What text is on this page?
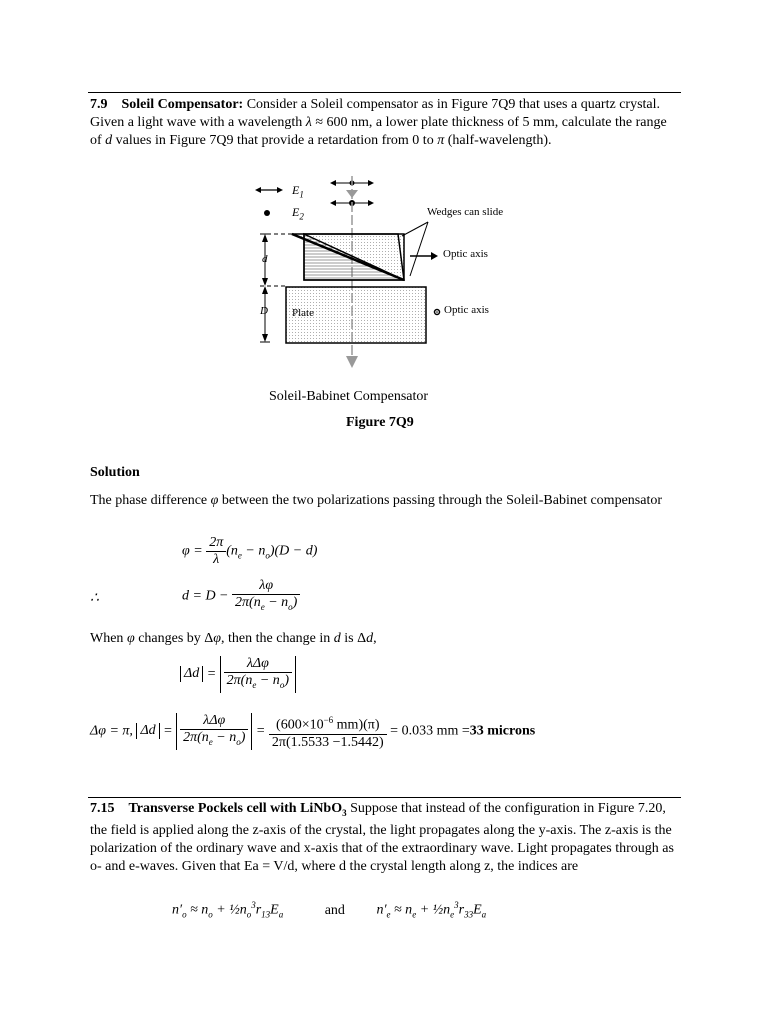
7.9 Soleil Compensator: Consider a Soleil compensator as in Figure 7Q9 that uses a quartz crystal. Given a light wave with a wavelength λ ≈ 600 nm, a lower plate thickness of 5 mm, calculate the range of d values in Figure 7Q9 that provide a retardation from 0 to π (half-wavelength).
$E_1$
$E_2$	Wedges can slide
Optic axis
Optic axis
d
D Plate
Soleil-Babinet Compensator
Figure 7Q9
Solution
The phase difference φ between the two polarizations passing through the Soleil-Babinet compensator
$\varphi = \frac{2\pi}{\lambda} (n_e - n_o)(D - d)$
∴	$d = D - \frac{\lambda\varphi}{2\pi(n_e - n_o)}$
When φ changes by Δφ, then the change in d is Δd,
$\Delta d = \frac{\text{λΔφ}}{2\pi(n_e - n_o)}$
Δφ = π, $\Delta d = \frac{\text{λΔφ}}{2\pi(n_e - n_o)} = \frac{(600\times 10^{-6} mm)(\pi)}{2\pi(1.5533 -1.5442)} = 0.033$ mm =33 microns
7.15 Transverse Pockels cell with LiNbO$_3$ Suppose that instead of the configuration in Figure 7.20, the field is applied along the z-axis of the crystal, the light propagates along the y-axis. The z-axis is the polarization of the ordinary wave and x-axis that of the extraordinary wave. Light propagates through as o- and e-waves. Given that Ea = V/d, where d the crystal length along z, the indices are
$n'_o \approx n_o$ + $\frac{1}{2}n_o^3r_{13}E_a$	and $n'_e \approx n_e$ + $\frac{1}{2}n_e^3r_{33}E_a$
